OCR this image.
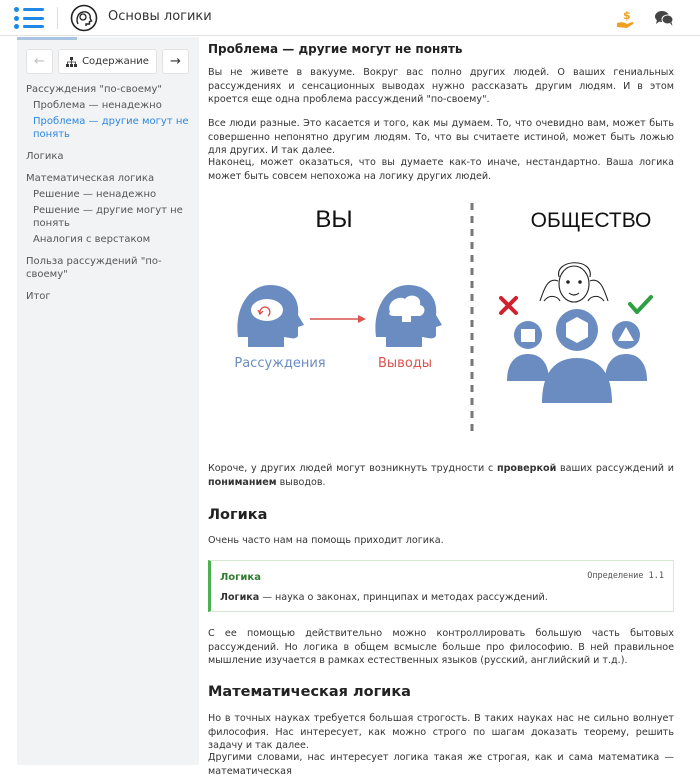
Основы логики	$
←	Содержание	→
Рассуждения "по-своему"
Проблема — ненадежно
Проблема — другие могут не понять
Логика
Математическая логика
Решение — ненадежно
Решение — другие могут не понять
Аналогия с верстаком
Польза рассуждений "по-своему"
Итог
Проблема — другие могут не понять

Вы не живете в вакууме. Вокруг вас полно других людей. О ваших гениальных рассуждениях и сенсационных выводах нужно рассказать другим людям. И в этом кроется еще одна проблема рассуждений "по-своему".

Все люди разные. Это касается и того, как мы думаем. То, что очевидно вам, может быть совершенно непонятно другим людям. То, что вы считаете истиной, может быть ложью для других. И так далее.

Наконец, может оказаться, что вы думаете как-то иначе, нестандартно. Ваша логика может быть совсем непохожа на логику других людей.

ВЫ	ОБЩЕСТВО
Рассуждения	Выводы

Короче, у других людей могут возникнуть трудности с проверкой ваших рассуждений и пониманием выводов.

Логика

Очень часто нам на помощь приходит логика.

Логика	Определение 1.1
Логика — наука о законах, принципах и методах рассуждений.

С ее помощью действительно можно контроллировать большую часть бытовых рассуждений. Но логика в общем всмысле больше про философию. В ней правильное мышление изучается в рамках естественных языков (русский, английский и т.д.).

Математическая логика

Но в точных науках требуется большая строгость. В таких науках нас не сильно волнует философия. Нас интересует, как можно строго по шагам доказать теорему, решить задачу и так далее.

Другими словами, нас интересует логика такая же строгая, как и сама математика — математическая
